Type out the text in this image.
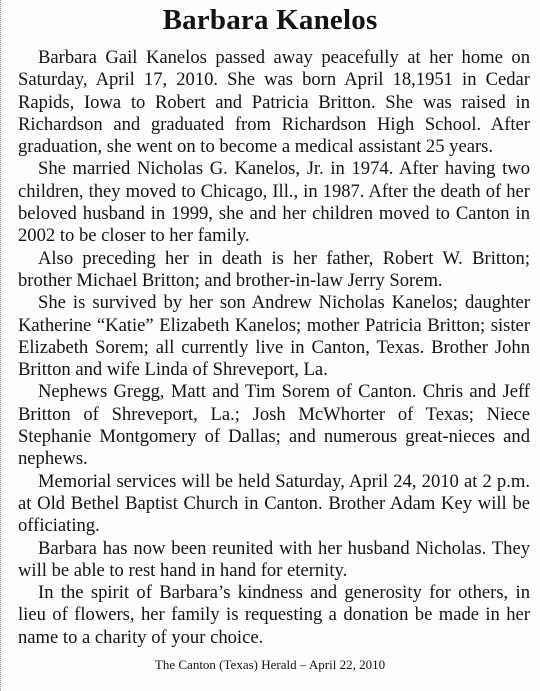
Barbara Kanelos

Barbara Gail Kanelos passed away peacefully at her home on Saturday, April 17, 2010. She was born April 18,1951 in Cedar Rapids, Iowa to Robert and Patricia Britton. She was raised in Richardson and graduated from Richardson High School. After graduation, she went on to become a medical assistant 25 years.

She married Nicholas G. Kanelos, Jr. in 1974. After having two children, they moved to Chicago, Ill., in 1987. After the death of her beloved husband in 1999, she and her children moved to Canton in 2002 to be closer to her family.

Also preceding her in death is her father, Robert W. Britton; brother Michael Britton; and brother-in-law Jerry Sorem.

She is survived by her son Andrew Nicholas Kanelos; daughter Katherine “Katie” Elizabeth Kanelos; mother Patricia Britton; sister Elizabeth Sorem; all currently live in Canton, Texas. Brother John Britton and wife Linda of Shreveport, La.

Nephews Gregg, Matt and Tim Sorem of Canton. Chris and Jeff Britton of Shreveport, La.; Josh McWhorter of Texas; Niece Stephanie Montgomery of Dallas; and numerous great-nieces and nephews.

Memorial services will be held Saturday, April 24, 2010 at 2 p.m. at Old Bethel Baptist Church in Canton. Brother Adam Key will be officiating.

Barbara has now been reunited with her husband Nicholas. They will be able to rest hand in hand for eternity.

In the spirit of Barbara’s kindness and generosity for others, in lieu of flowers, her family is requesting a donation be made in her name to a charity of your choice.

The Canton (Texas) Herald – April 22, 2010
